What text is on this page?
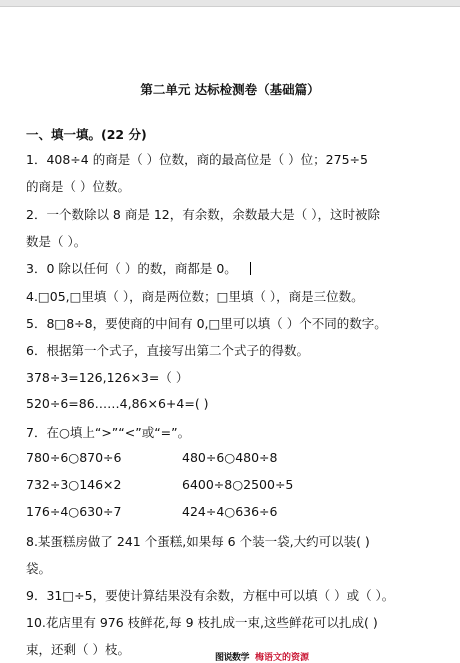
第二单元 达标检测卷（基础篇）
一、填一填。(22 分)
1．408÷4 的商是（ ）位数，商的最高位是（ ）位；275÷5
的商是（ ）位数。
2．一个数除以 8 商是 12，有余数，余数最大是（ ），这时被除
数是（ ）。
3．0 除以任何（ ）的数，商都是 0。
4.□05,□里填（ ），商是两位数；□里填（ ），商是三位数。
5．8□8÷8，要使商的中间有 0,□里可以填（ ）个不同的数字。
6．根据第一个式子，直接写出第二个式子的得数。
378÷3=126,126×3=（ ）
520÷6=86……4,86×6+4=( )
7．在○填上“>”“<”或“=”。
780÷6○870÷6	480÷6○480÷8
732÷3○146×2	6400÷8○2500÷5
176÷4○630÷7	424÷4○636÷6
8.某蛋糕房做了 241 个蛋糕,如果每 6 个装一袋,大约可以装( )
袋。
9．31□÷5，要使计算结果没有余数，方框中可以填（ ）或（ ）。
10.花店里有 976 枝鲜花,每 9 枝扎成一束,这些鲜花可以扎成( )
束，还剩（ ）枝。
图说数学 梅语文的资源
